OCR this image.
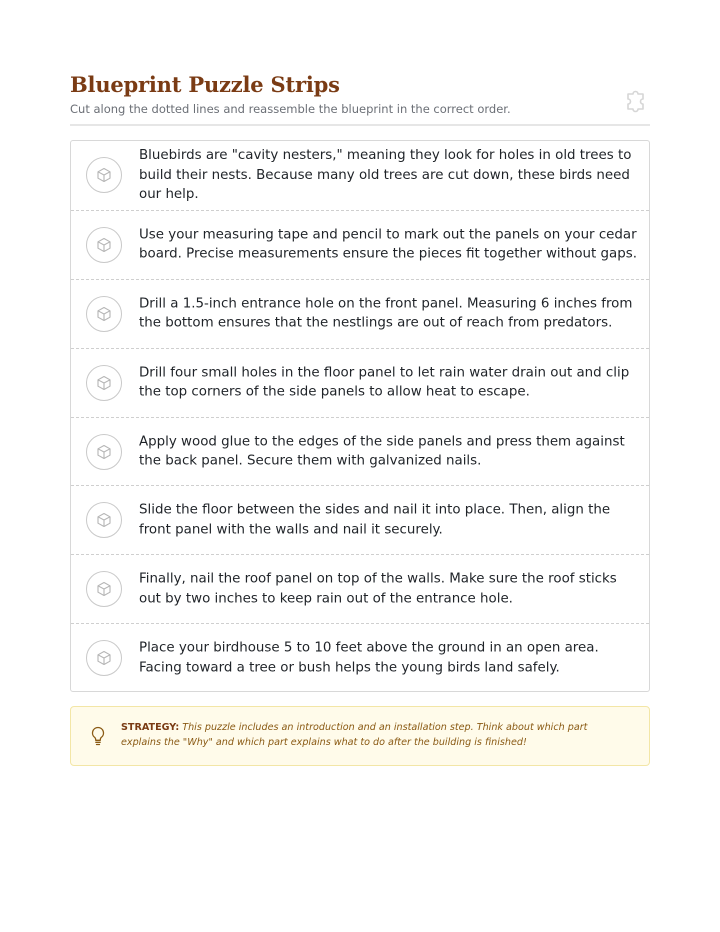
Blueprint Puzzle Strips

Cut along the dotted lines and reassemble the blueprint in the correct order.

Bluebirds are "cavity nesters," meaning they look for holes in old trees to build their nests. Because many old trees are cut down, these birds need our help.

Use your measuring tape and pencil to mark out the panels on your cedar board. Precise measurements ensure the pieces fit together without gaps.

Drill a 1.5-inch entrance hole on the front panel. Measuring 6 inches from the bottom ensures that the nestlings are out of reach from predators.

Drill four small holes in the floor panel to let rain water drain out and clip the top corners of the side panels to allow heat to escape.

Apply wood glue to the edges of the side panels and press them against the back panel. Secure them with galvanized nails.

Slide the floor between the sides and nail it into place. Then, align the front panel with the walls and nail it securely.

Finally, nail the roof panel on top of the walls. Make sure the roof sticks out by two inches to keep rain out of the entrance hole.

Place your birdhouse 5 to 10 feet above the ground in an open area. Facing toward a tree or bush helps the young birds land safely.

STRATEGY: This puzzle includes an introduction and an installation step. Think about which part explains the "Why" and which part explains what to do after the building is finished!
